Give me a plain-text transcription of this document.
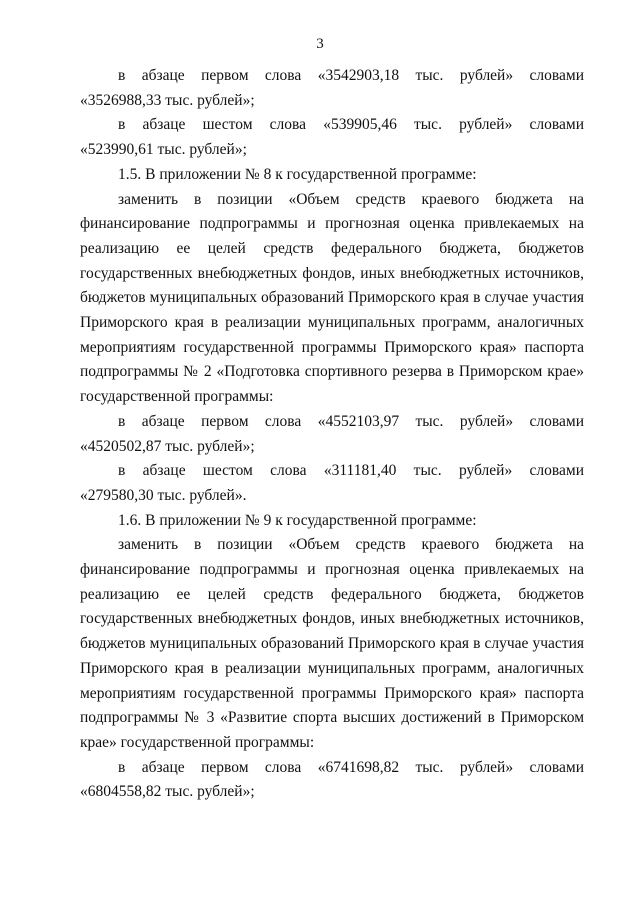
3

в абзаце первом слова «3542903,18 тыс. рублей» словами

«3526988,33 тыс. рублей»;

в абзаце шестом слова «539905,46 тыс. рублей» словами

«523990,61 тыс. рублей»;

1.5. В приложении № 8 к государственной программе:

заменить в позиции «Объем средств краевого бюджета на финансирование подпрограммы и прогнозная оценка привлекаемых на реализацию ее целей средств федерального бюджета, бюджетов государственных внебюджетных фондов, иных внебюджетных источников, бюджетов муниципальных образований Приморского края в случае участия Приморского края в реализации муниципальных программ, аналогичных мероприятиям государственной программы Приморского края» паспорта подпрограммы № 2 «Подготовка спортивного резерва в Приморском крае» государственной программы:

в абзаце первом слова «4552103,97 тыс. рублей» словами

«4520502,87 тыс. рублей»;

в абзаце шестом слова «311181,40 тыс. рублей» словами

«279580,30 тыс. рублей».

1.6. В приложении № 9 к государственной программе:

заменить в позиции «Объем средств краевого бюджета на финансирование подпрограммы и прогнозная оценка привлекаемых на реализацию ее целей средств федерального бюджета, бюджетов государственных внебюджетных фондов, иных внебюджетных источников, бюджетов муниципальных образований Приморского края в случае участия Приморского края в реализации муниципальных программ, аналогичных мероприятиям государственной программы Приморского края» паспорта подпрограммы № 3 «Развитие спорта высших достижений в Приморском крае» государственной программы:

в абзаце первом слова «6741698,82 тыс. рублей» словами

«6804558,82 тыс. рублей»;
